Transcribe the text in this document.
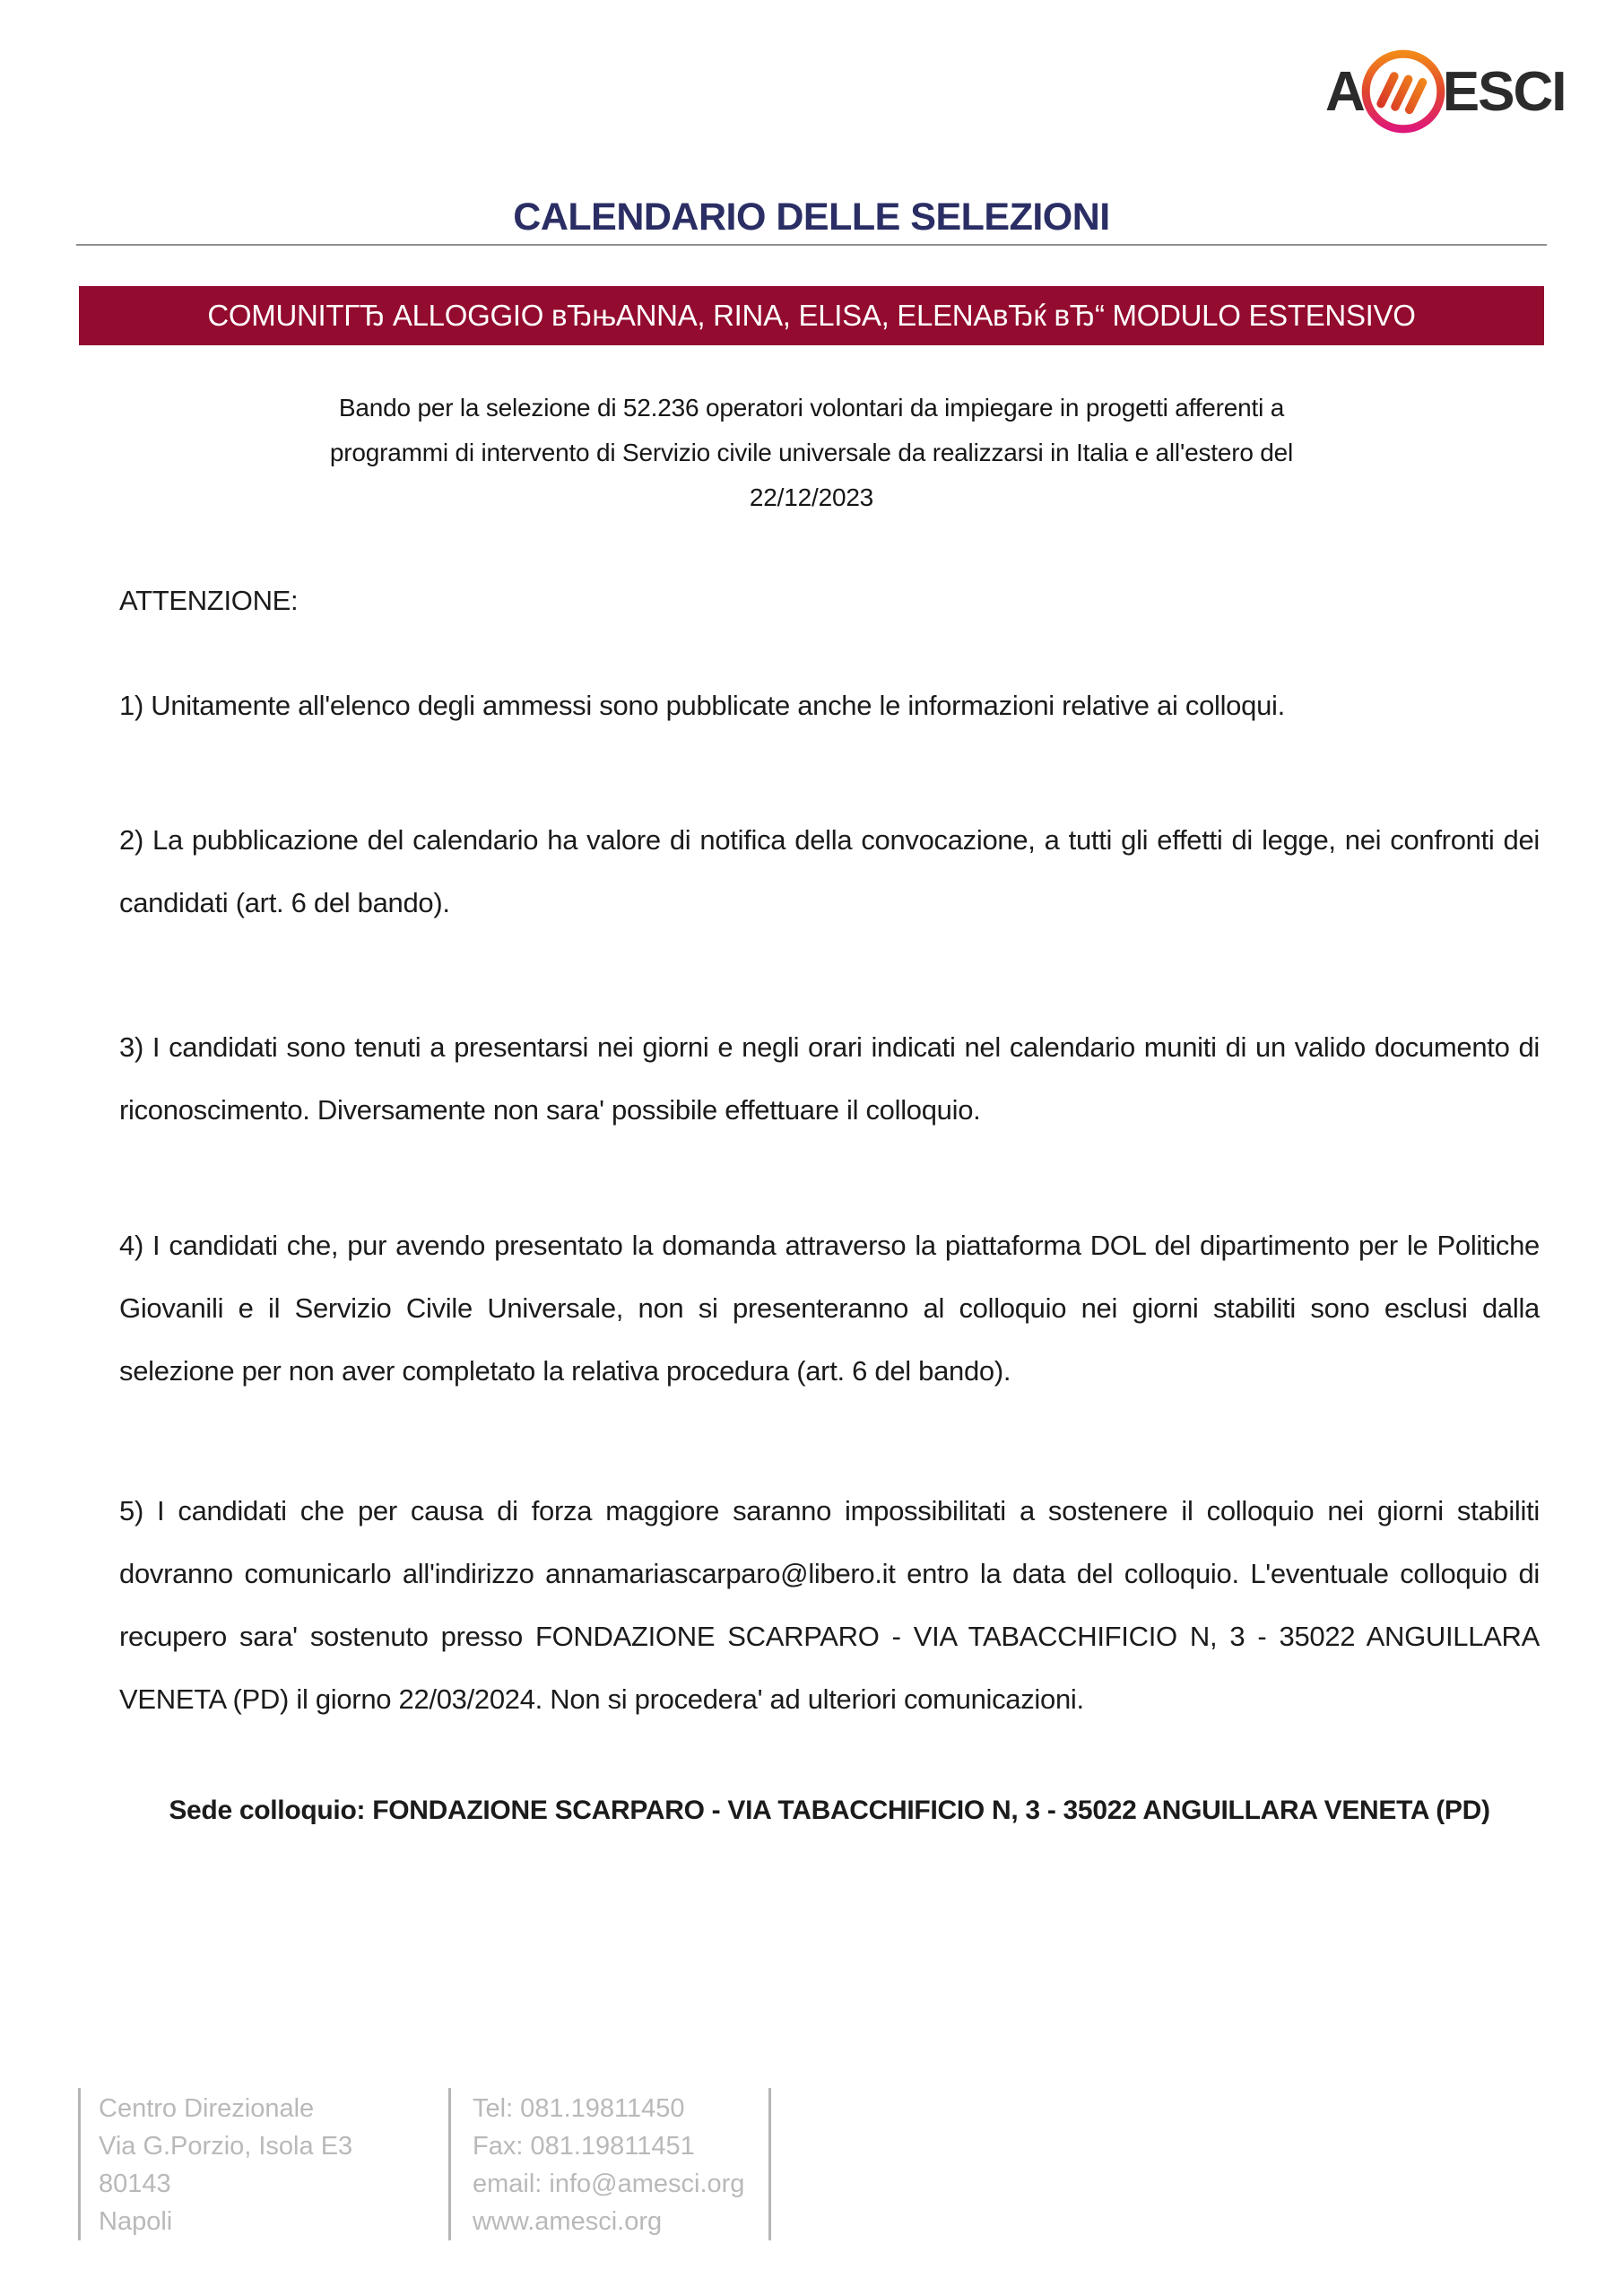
A ESCI
CALENDARIO DELLE SELEZIONI
COMUNITГЂ ALLOGGIO вЂњANNA, RINA, ELISA, ELENAвЂќ вЂ“ MODULO ESTENSIVO
Bando per la selezione di 52.236 operatori volontari da impiegare in progetti afferenti a
programmi di intervento di Servizio civile universale da realizzarsi in Italia e all'estero del
22/12/2023
ATTENZIONE:
1) Unitamente all'elenco degli ammessi sono pubblicate anche le informazioni relative ai colloqui.
2) La pubblicazione del calendario ha valore di notifica della convocazione, a tutti gli effetti di legge, nei confronti dei candidati (art. 6 del bando).
3) I candidati sono tenuti a presentarsi nei giorni e negli orari indicati nel calendario muniti di un valido documento di riconoscimento. Diversamente non sara' possibile effettuare il colloquio.
4) I candidati che, pur avendo presentato la domanda attraverso la piattaforma DOL del dipartimento per le Politiche Giovanili e il Servizio Civile Universale, non si presenteranno al colloquio nei giorni stabiliti sono esclusi dalla selezione per non aver completato la relativa procedura (art. 6 del bando).
5) I candidati che per causa di forza maggiore saranno impossibilitati a sostenere il colloquio nei giorni stabiliti dovranno comunicarlo all'indirizzo annamariascarparo@libero.it entro la data del colloquio. L'eventuale colloquio di recupero sara' sostenuto presso FONDAZIONE SCARPARO - VIA TABACCHIFICIO N, 3 - 35022 ANGUILLARA VENETA (PD) il giorno 22/03/2024. Non si procedera' ad ulteriori comunicazioni.
Sede colloquio: FONDAZIONE SCARPARO - VIA TABACCHIFICIO N, 3 - 35022 ANGUILLARA VENETA (PD)
Centro Direzionale
Via G.Porzio, Isola E3
80143
Napoli
Tel: 081.19811450
Fax: 081.19811451
email: info@amesci.org
www.amesci.org
